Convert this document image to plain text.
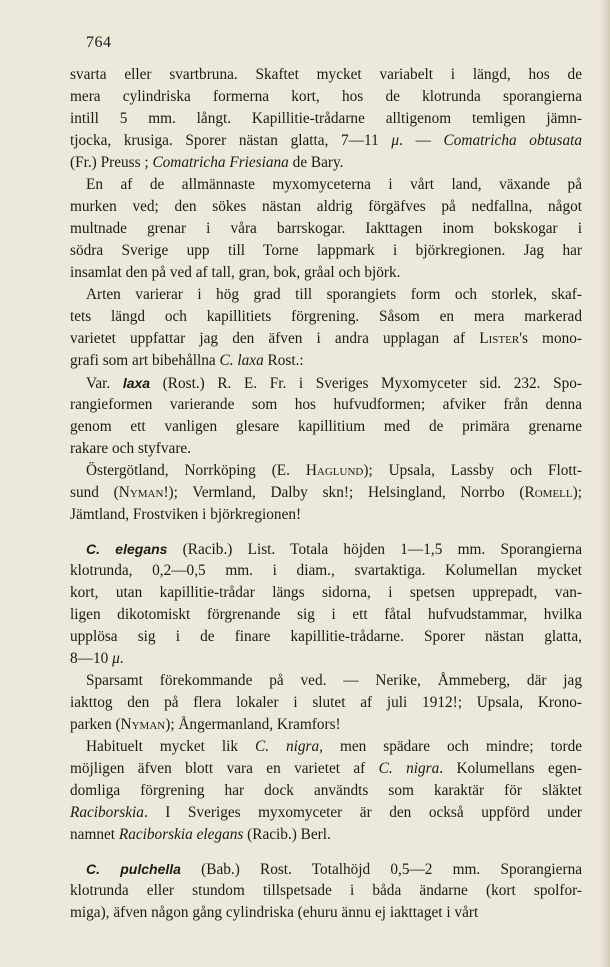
764
svarta eller svartbruna. Skaftet mycket variabelt i längd, hos de
mera cylindriska formerna kort, hos de klotrunda sporangierna
intill 5 mm. långt. Kapillitie-trådarne alltigenom temligen jämn-
tjocka, krusiga. Sporer nästan glatta, 7—11 μ. — Comatricha obtusata
(Fr.) Preuss ; Comatricha Friesiana de Bary.
En af de allmännaste myxomyceterna i vårt land, växande på
murken ved; den sökes nästan aldrig förgäfves på nedfallna, något
multnade grenar i våra barrskogar. Iakttagen inom bokskogar i
södra Sverige upp till Torne lappmark i björkregionen. Jag har
insamlat den på ved af tall, gran, bok, gråal och björk.
Arten varierar i hög grad till sporangiets form och storlek, skaf-
tets längd och kapillitiets förgrening. Såsom en mera markerad
varietet uppfattar jag den äfven i andra upplagan af Lister's mono-
grafi som art bibehållna C. laxa Rost.:
Var. laxa (Rost.) R. E. Fr. i Sveriges Myxomyceter sid. 232. Spo-
rangieformen varierande som hos hufvudformen; afviker från denna
genom ett vanligen glesare kapillitium med de primära grenarne
rakare och styfvare.
Östergötland, Norrköping (E. Haglund); Upsala, Lassby och Flott-
sund (Nyman!); Vermland, Dalby skn!; Helsingland, Norrbo (Romell);
Jämtland, Frostviken i björkregionen!
C. elegans (Racib.) List. Totala höjden 1—1,5 mm. Sporangierna
klotrunda, 0,2—0,5 mm. i diam., svartaktiga. Kolumellan mycket
kort, utan kapillitie-trådar längs sidorna, i spetsen upprepadt, van-
ligen dikotomiskt förgrenande sig i ett fåtal hufvudstammar, hvilka
upplösa sig i de finare kapillitie-trådarne. Sporer nästan glatta,
8—10 μ.
Sparsamt förekommande på ved. — Nerike, Åmmeberg, där jag
iakttog den på flera lokaler i slutet af juli 1912!; Upsala, Krono-
parken (Nyman); Ångermanland, Kramfors!
Habituelt mycket lik C. nigra, men spädare och mindre; torde
möjligen äfven blott vara en varietet af C. nigra. Kolumellans egen-
domliga förgrening har dock användts som karaktär för släktet
Raciborskia. I Sveriges myxomyceter är den också uppförd under
namnet Raciborskia elegans (Racib.) Berl.
C. pulchella (Bab.) Rost. Totalhöjd 0,5—2 mm. Sporangierna
klotrunda eller stundom tillspetsade i båda ändarne (kort spolfor-
miga), äfven någon gång cylindriska (ehuru ännu ej iakttaget i vårt
